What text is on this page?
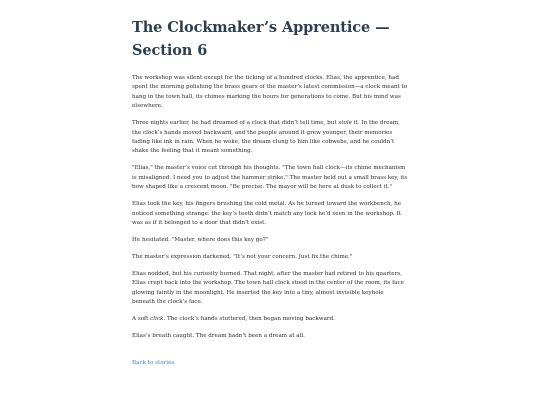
The Clockmaker’s Apprentice —
Section 6

The workshop was silent except for the ticking of a hundred clocks. Elias, the apprentice, had spent the morning polishing the brass gears of the master’s latest commission—a clock meant to hang in the town hall, its chimes marking the hours for generations to come. But his mind was elsewhere.

Three nights earlier, he had dreamed of a clock that didn’t tell time, but stole it. In the dream, the clock’s hands moved backward, and the people around it grew younger, their memories fading like ink in rain. When he woke, the dream clung to him like cobwebs, and he couldn’t shake the feeling that it meant something.

"Elias," the master’s voice cut through his thoughts. "The town hall clock—its chime mechanism is misaligned. I need you to adjust the hammer strike." The master held out a small brass key, its bow shaped like a crescent moon. "Be precise. The mayor will be here at dusk to collect it."

Elias took the key, his fingers brushing the cold metal. As he turned toward the workbench, he noticed something strange: the key’s teeth didn’t match any lock he’d seen in the workshop. It was as if it belonged to a door that didn’t exist.

He hesitated. "Master, where does this key go?"

The master’s expression darkened. "It’s not your concern. Just fix the chime."

Elias nodded, but his curiosity burned. That night, after the master had retired to his quarters, Elias crept back into the workshop. The town hall clock stood in the center of the room, its face glowing faintly in the moonlight. He inserted the key into a tiny, almost invisible keyhole beneath the clock’s face.

A soft click. The clock’s hands stuttered, then began moving backward.

Elias’s breath caught. The dream hadn’t been a dream at all.

Back to stories
